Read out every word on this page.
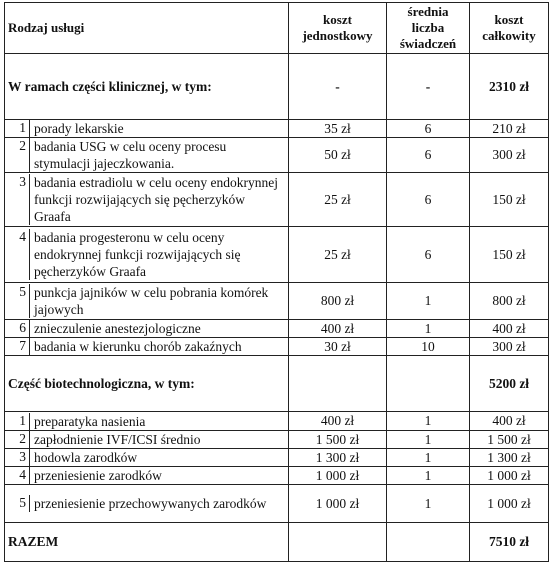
Rodzaj usługi	koszt jednostkowy	średnia liczba świadczeń	koszt całkowity
W ramach części klinicznej, w tym:	-	-	2310 zł

1 porady lekarskie	35 zł	6	210 zł

2 badania USG w celu oceny procesu stymulacji jajeczkowania.	50 zł	6	300 zł

3 badania estradiolu w celu oceny endokrynnej funkcji rozwijających się pęcherzyków Graafa	25 zł	6	150 zł

4 badania progesteronu w celu oceny endokrynnej funkcji rozwijających się pęcherzyków Graafa	25 zł	6	150 zł

5 punkcja jajników w celu pobrania komórek jajowych	800 zł	1	800 zł

6 znieczulenie anestezjologiczne	400 zł	1	400 zł

7 badania w kierunku chorób zakaźnych	30 zł	10	300 zł
Część biotechnologiczna, w tym:			5200 zł

1 preparatyka nasienia	400 zł	1	400 zł

2 zapłodnienie IVF/ICSI średnio	1 500 zł	1	1 500 zł

3 hodowla zarodków	1 300 zł	1	1 300 zł

4 przeniesienie zarodków	1 000 zł	1	1 000 zł

5 przeniesienie przechowywanych zarodków	1 000 zł	1	1 000 zł
RAZEM			7510 zł
